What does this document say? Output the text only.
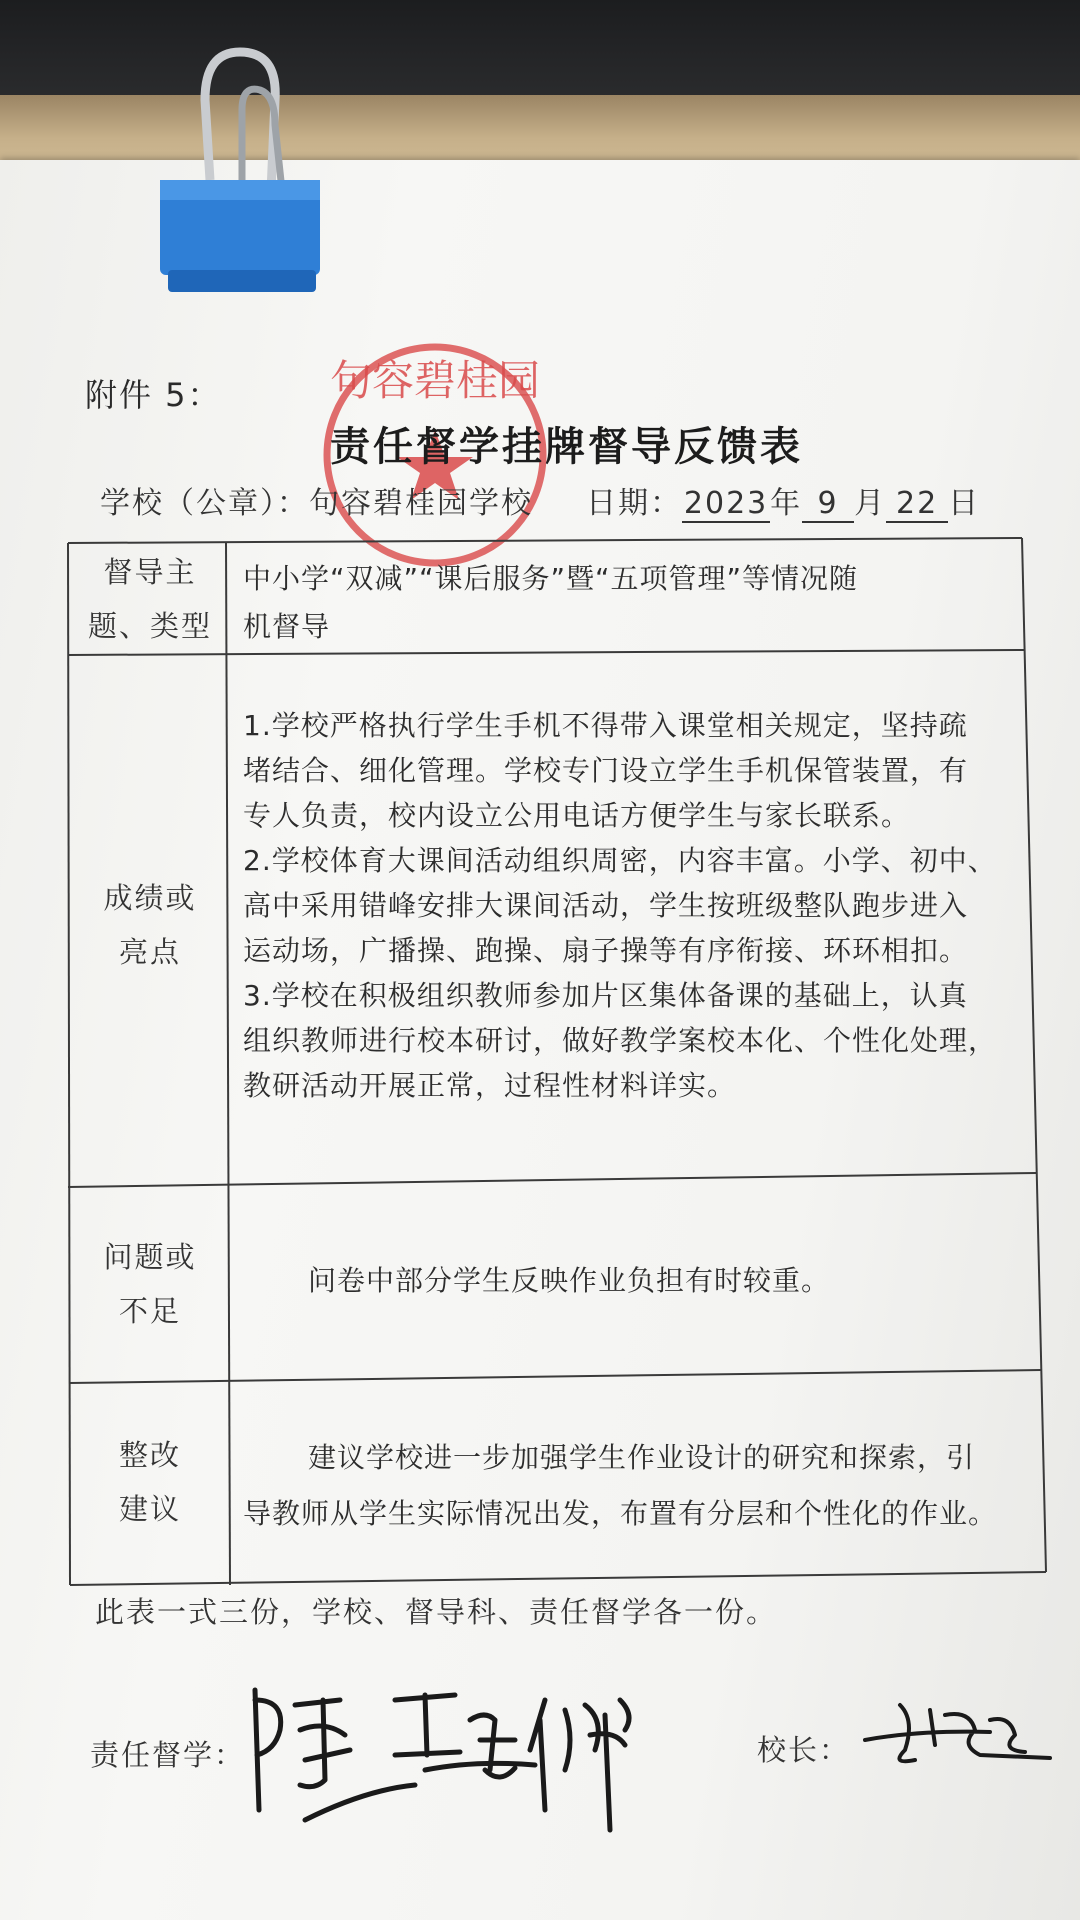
句容碧桂园
附件 5：
责任督学挂牌督导反馈表
学校（公章）：句容碧桂园学校 日期：2023年 9 月 22 日
督导主
题、类型
成绩或
亮点
问题或
不足
整改
建议
中小学“双减”“课后服务”暨“五项管理”等情况随
机督导
1.学校严格执行学生手机不得带入课堂相关规定，坚持疏
堵结合、细化管理。学校专门设立学生手机保管装置，有
专人负责，校内设立公用电话方便学生与家长联系。
2.学校体育大课间活动组织周密，内容丰富。小学、初中、
高中采用错峰安排大课间活动，学生按班级整队跑步进入
运动场，广播操、跑操、扇子操等有序衔接、环环相扣。
3.学校在积极组织教师参加片区集体备课的基础上，认真
组织教师进行校本研讨，做好教学案校本化、个性化处理，
教研活动开展正常，过程性材料详实。
问卷中部分学生反映作业负担有时较重。
建议学校进一步加强学生作业设计的研究和探索，引
导教师从学生实际情况出发，布置有分层和个性化的作业。
此表一式三份，学校、督导科、责任督学各一份。
责任督学：	校长：
